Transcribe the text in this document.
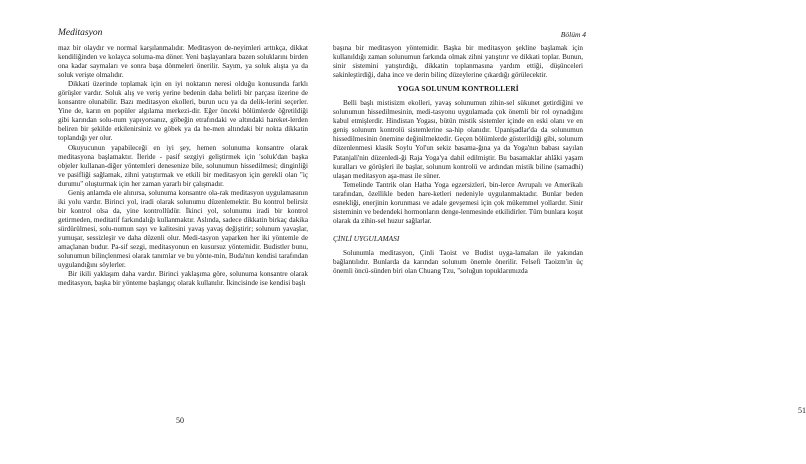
Meditasyon
50

maz bir olaydır ve normal karşılanmalıdır. Meditasyon de-neyimleri arttıkça, dikkat kendiliğinden ve kolayca soluma-ma döner. Yeni başlayanlara bazen soluklarını birden ona kadar saymaları ve sonra başa dönmeleri önerilir. Sayım, ya soluk alışta ya da soluk verişte olmalıdır.

Dikkati üzerinde toplamak için en iyi noktanın neresi olduğu konusunda farklı görüşler vardır. Soluk alış ve veriş yerine bedenin daha belirli bir parçası üzerine de konsantre olunabilir. Bazı meditasyon ekolleri, burun ucu ya da delik-lerini seçerler. Yine de, karın en popüler algılama merkezi-dir. Eğer önceki bölümlerde öğretildiği gibi karından solu-num yapıyorsanız, göbeğin etrafındaki ve altındaki hareket-lerden beliren bir şekilde etkilenirsiniz ve göbek ya da he-men altındaki bir nokta dikkatin toplandığı yer olur.

Okuyucunun yapabileceği en iyi şey, hemen solunuma konsantre olarak meditasyona başlamaktır. İleride - pasif sezgiyi geliştirmek için 'soluk'dan başka objeler kullanan-diğer yöntemleri denesenize bile, solunumun hissedilmesi; dinginliği ve pasifliği sağlamak, zihni yatıştırmak ve etkili bir meditasyon için gerekli olan "iç durumu" oluşturmak için her zaman yararlı bir çalışmadır.

Geniş anlamda ele alınırsa, solunuma konsantre ola-rak meditasyon uygulamasının iki yolu vardır. Birinci yol, iradi olarak solunumu düzenlemektir. Bu kontrol belirsiz bir kontrol olsa da, yine kontrollüdür. İkinci yol, solunumu iradi bir kontrol getirmeden, meditatif farkındalığı kullanmaktır. Aslında, sadece dikkatin birkaç dakika sürdürülmesi, solu-numun sayı ve kalitesini yavaş yavaş değiştirir; solunum yavaşlar, yumuşar, sessizleşir ve daha düzenli olur. Medi-tasyon yaparken her iki yöntemle de amaçlanan budur. Pa-sif sezgi, meditasyonun en kusursuz yöntemidir. Budistler bunu, solunumun bilinçlenmesi olarak tanımlar ve bu yönte-min, Buda'nın kendisi tarafından uygulandığını söylerler.

Bir ikili yaklaşım daha vardır. Birinci yaklaşıma göre, solunuma konsantre olarak meditasyon, başka bir yönteme başlangıç olarak kullanılır. İkincisinde ise kendisi başlı

Bölüm 4
51

başına bir meditasyon yöntemidir. Başka bir meditasyon şekline başlamak için kullanıldığı zaman solunumun farkında olmak zihni yatıştırır ve dikkati toplar. Bunun, sinir sistemini yatıştırdığı, dikkatin toplanmasına yardım ettiği, düşünceleri sakinleştirdiği, daha ince ve derin bilinç düzeylerine çıkardığı görülecektir.

YOGA SOLUNUM KONTROLLERİ

Belli başlı mistisizm ekolleri, yavaş solunumun zihin-sel sükunet getirdiğini ve solunumun hissedilmesinin, medi-tasyonu uygulamada çok önemli bir rol oynadığını kabul etmişlerdir. Hindistan Yogası, bütün mistik sistemler içinde en eski olanı ve en geniş solunum kontrolü sistemlerine sa-hip olanıdır. Upanişadlar'da da solunumun hissedilmesinin önemine değinilmektedir. Geçen bölümlerde gösterildiği gibi, solunum düzenlenmesi klasik Soylu Yol'un sekiz basama-ğına ya da Yoga'nın babası sayılan Patanjali'nin düzenledi-ği Raja Yoga'ya dahil edilmiştir. Bu basamaklar ahlâki yaşam kuralları ve görüşleri ile başlar, solunum kontrolü ve ardından mistik biline (samadhi) ulaşan meditasyon aşa-ması ile süner.

Temelinde Tantrik olan Hatha Yoga egzersizleri, bin-lerce Avrupalı ve Amerikalı tarafından, özellikle beden hare-ketleri nedeniyle uygulanmaktadır. Bunlar beden esnekliği, enerjinin korunması ve adale gevşemesi için çok mükemmel yollardır. Sinir sisteminin ve bedendeki hormonların denge-lenmesinde etkilidirler. Tüm bunlara koşut olarak da zihin-sel huzur sağlarlar.

ÇİNLİ UYGULAMASI

Solunumla meditasyon, Çinli Taoist ve Budist uyga-lamaları ile yakından bağlantılıdır. Bunlarda da karından solunum önemle önerilir. Felsefi Taoizm'in üç önemli öncü-sünden biri olan Chuang Tzu, "soluğun topuklarımızda
